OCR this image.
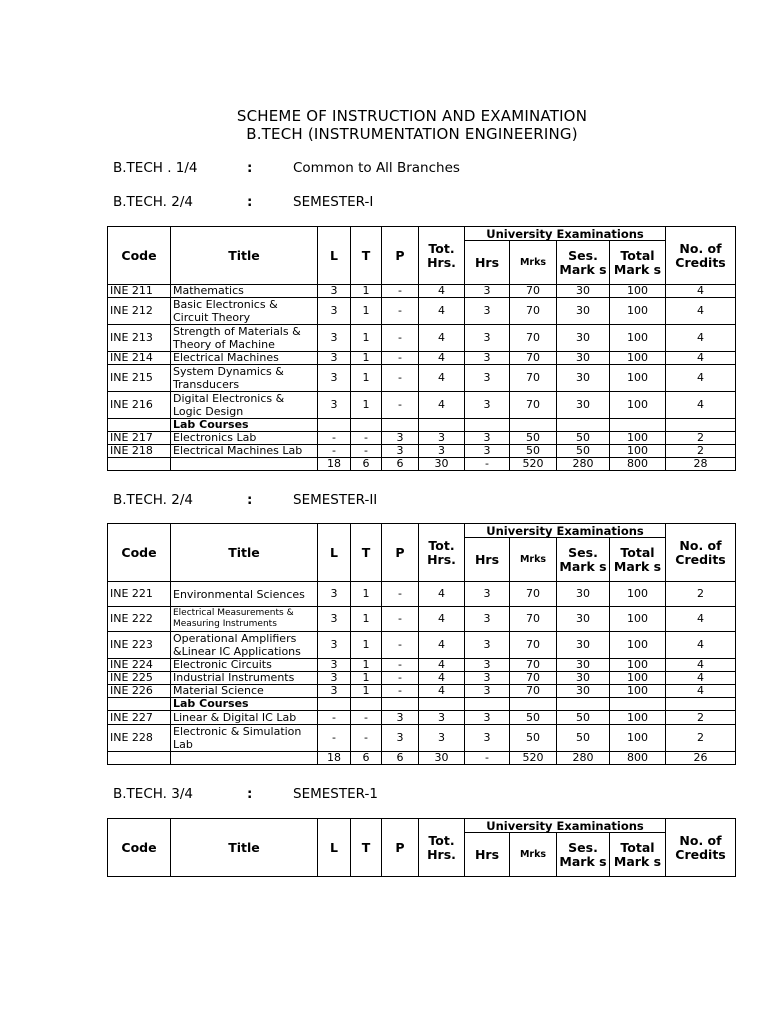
SCHEME OF INSTRUCTION AND EXAMINATION
B.TECH (INSTRUMENTATION ENGINEERING)
B.TECH . 1/4	:	Common to All Branches
B.TECH. 2/4	:	SEMESTER-I
Code	Title	L	T	P	Tot. Hrs.	University Examinations				No. of Credits
						Hrs	Mrks	Ses. Mark s	Total Mark s	
INE 211	Mathematics	3	1	-	4	3	70	30	100	4
INE 212	Basic Electronics & Circuit Theory	3	1	-	4	3	70	30	100	4
INE 213	Strength of Materials & Theory of Machine	3	1	-	4	3	70	30	100	4
INE 214	Electrical Machines	3	1	-	4	3	70	30	100	4
INE 215	System Dynamics & Transducers	3	1	-	4	3	70	30	100	4
INE 216	Digital Electronics & Logic Design	3	1	-	4	3	70	30	100	4
	Lab Courses									
INE 217	Electronics Lab	-	-	3	3	3	50	50	100	2
INE 218	Electrical Machines Lab	-	-	3	3	3	50	50	100	2
		18	6	6	30	-	520	280	800	28
B.TECH. 2/4	:	SEMESTER-II
Code	Title	L	T	P	Tot. Hrs.	University Examinations				No. of Credits
						Hrs	Mrks	Ses. Mark s	Total Mark s	
INE 221	Environmental Sciences	3	1	-	4	3	70	30	100	2
INE 222	Electrical Measurements & Measuring Instruments	3	1	-	4	3	70	30	100	4
INE 223	Operational Amplifiers &Linear IC Applications	3	1	-	4	3	70	30	100	4
INE 224	Electronic Circuits	3	1	-	4	3	70	30	100	4
INE 225	Industrial Instruments	3	1	-	4	3	70	30	100	4
INE 226	Material Science	3	1	-	4	3	70	30	100	4
	Lab Courses									
INE 227	Linear & Digital IC Lab	-	-	3	3	3	50	50	100	2
INE 228	Electronic & Simulation Lab	-	-	3	3	3	50	50	100	2
		18	6	6	30	-	520	280	800	26
B.TECH. 3/4	:	SEMESTER-1
Code	Title	L	T	P	Tot. Hrs.	University Examinations				No. of Credits
						Hrs	Mrks	Ses. Mark s	Total Mark s	
